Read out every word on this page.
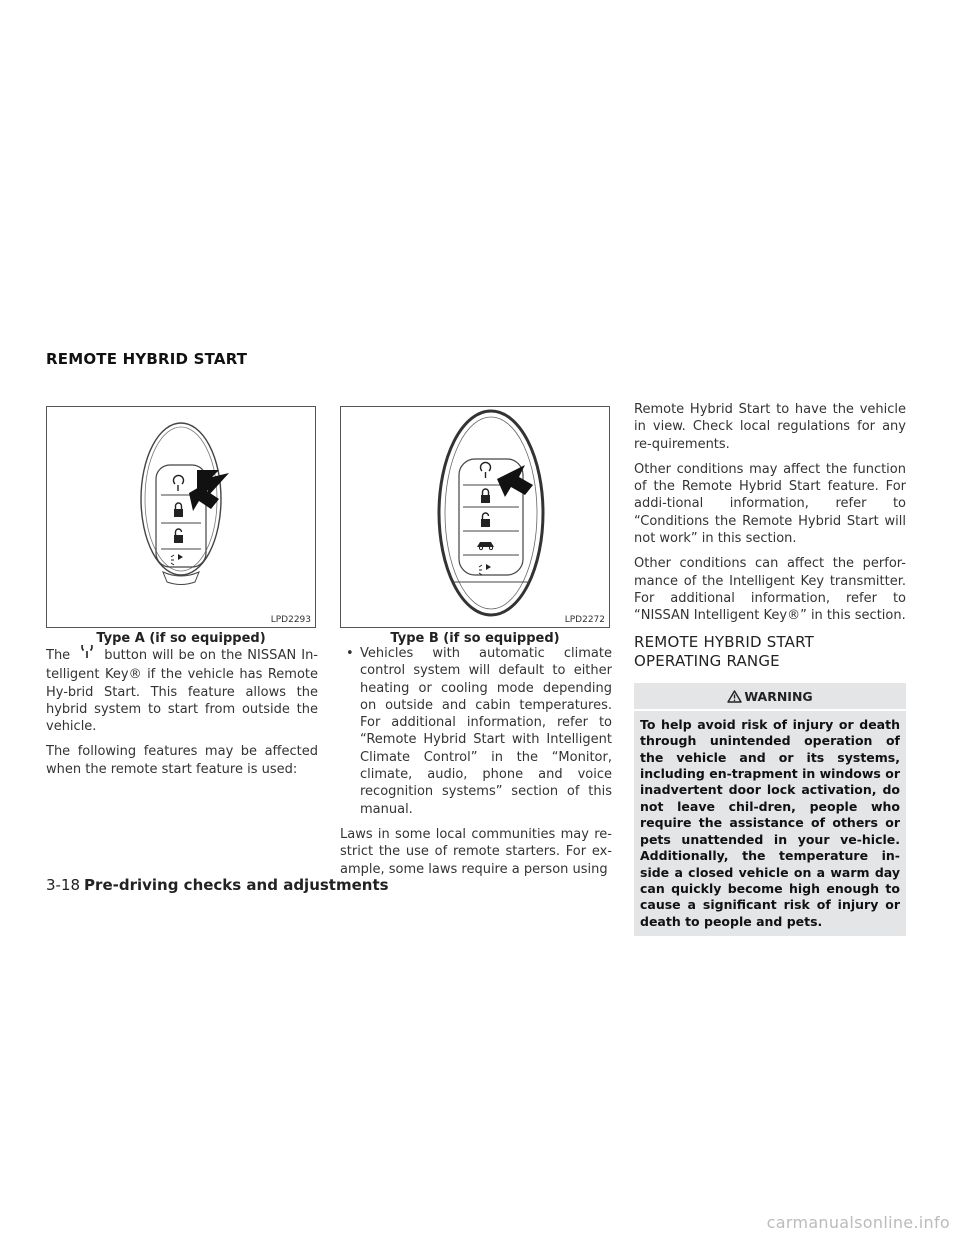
REMOTE HYBRID START
LPD2293
Type A (if so equipped)
LPD2272
Type B (if so equipped)

The	button will be on the NISSAN In-telligent Key® if the vehicle has Remote Hy-brid Start. This feature allows the hybrid system to start from outside the vehicle.

The following features may be affected when the remote start feature is used:

• Vehicles with automatic climate control system will default to either heating or cooling mode depending on outside and cabin temperatures. For additional information, refer to “Remote Hybrid Start with Intelligent Climate Control” in the “Monitor, climate, audio, phone and voice recognition systems” section of this manual.

Laws in some local communities may re-strict the use of remote starters. For ex-ample, some laws require a person using

Remote Hybrid Start to have the vehicle in view. Check local regulations for any re-quirements.

Other conditions may affect the function of the Remote Hybrid Start feature. For addi-tional information, refer to “Conditions the Remote Hybrid Start will not work” in this section.

Other conditions can affect the perfor-mance of the Intelligent Key transmitter. For additional information, refer to “NISSAN Intelligent Key®” in this section.

REMOTE HYBRID START OPERATING RANGE
WARNING
To help avoid risk of injury or death through unintended operation of the vehicle and or its systems, including en-trapment in windows or inadvertent door lock activation, do not leave chil-dren, people who require the assistance of others or pets unattended in your ve-hicle. Additionally, the temperature in-side a closed vehicle on a warm day can quickly become high enough to cause a significant risk of injury or death to people and pets.
3-18 Pre-driving checks and adjustments
carmanualsonline.info
